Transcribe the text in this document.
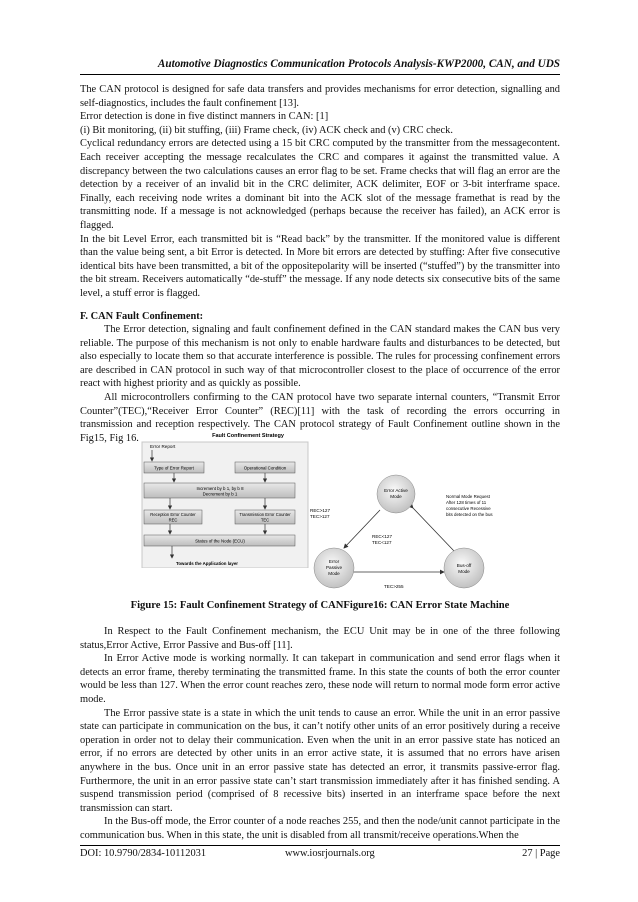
Automotive Diagnostics Communication Protocols Analysis-KWP2000, CAN, and UDS

The CAN protocol is designed for safe data transfers and provides mechanisms for error detection, signalling and self-diagnostics, includes the fault confinement [13].

Error detection is done in five distinct manners in CAN: [1]

(i) Bit monitoring, (ii) bit stuffing, (iii) Frame check, (iv) ACK check and (v) CRC check.

Cyclical redundancy errors are detected using a 15 bit CRC computed by the transmitter from the messagecontent. Each receiver accepting the message recalculates the CRC and compares it against the transmitted value. A discrepancy between the two calculations causes an error flag to be set. Frame checks that will flag an error are the detection by a receiver of an invalid bit in the CRC delimiter, ACK delimiter, EOF or 3-bit interframe space. Finally, each receiving node writes a dominant bit into the ACK slot of the message framethat is read by the transmitting node. If a message is not acknowledged (perhaps because the receiver has failed), an ACK error is flagged.

In the bit Level Error, each transmitted bit is “Read back” by the transmitter. If the monitored value is different than the value being sent, a bit Error is detected. In More bit errors are detected by stuffing: After five consecutive identical bits have been transmitted, a bit of the oppositepolarity will be inserted (“stuffed”) by the transmitter into the bit stream. Receivers automatically “de-stuff” the message. If any node detects six consecutive bits of the same level, a stuff error is flagged.

F. CAN Fault Confinement:

The Error detection, signaling and fault confinement defined in the CAN standard makes the CAN bus very reliable. The purpose of this mechanism is not only to enable hardware faults and disturbances to be detected, but also especially to locate them so that accurate interference is possible. The rules for processing confinement errors are described in CAN protocol in such way of that microcontroller closest to the place of occurrence of the error react with highest priority and as quickly as possible.

All microcontrollers confirming to the CAN protocol have two separate internal counters, “Transmit Error Counter”(TEC),“Receiver Error Counter” (REC)[11] with the task of recording the errors occurring in transmission and reception respectively. The CAN protocol strategy of Fault Confinement outline shown in the Fig15, Fig 16.	Fault Confinement Strategy
Error Report
Type of Error Report	Operational Condition
Increment by b 1, by b 8
Decrement by b 1
Reception Error Counter
REC
Transmission Error Counter
TEC
Status of the Node (ECU)
Towards the Application layer
Error Active
Mode
Error
Passive
Mode
Bus-off
Mode
REC>127
TEC>127
REC<127
TEC<127
TEC>255
Normal Mode Request
After 128 times of 11
consecutive Recessive
bits detected on the bus
Figure 15: Fault Confinement Strategy of CANFigure16: CAN Error State Machine

In Respect to the Fault Confinement mechanism, the ECU Unit may be in one of the three following status,Error Active, Error Passive and Bus-off [11].

In Error Active mode is working normally. It can takepart in communication and send error flags when it detects an error frame, thereby terminating the transmitted frame. In this state the counts of both the error counter would be less than 127. When the error count reaches zero, these node will return to normal mode form error active mode.

The Error passive state is a state in which the unit tends to cause an error. While the unit in an error passive state can participate in communication on the bus, it can’t notify other units of an error positively during a receive operation in order not to delay their communication. Even when the unit in an error passive state has noticed an error, if no errors are detected by other units in an error active state, it is assumed that no errors have arisen anywhere in the bus. Once unit in an error passive state has detected an error, it transmits passive-error flag. Furthermore, the unit in an error passive state can’t start transmission immediately after it has finished sending. A suspend transmission period (comprised of 8 recessive bits) inserted in an interframe space before the next transmission can start.

In the Bus-off mode, the Error counter of a node reaches 255, and then the node/unit cannot participate in the communication bus. When in this state, the unit is disabled from all transmit/receive operations.When the

DOI: 10.9790/2834-10112031	www.iosrjournals.org	27 | Page
